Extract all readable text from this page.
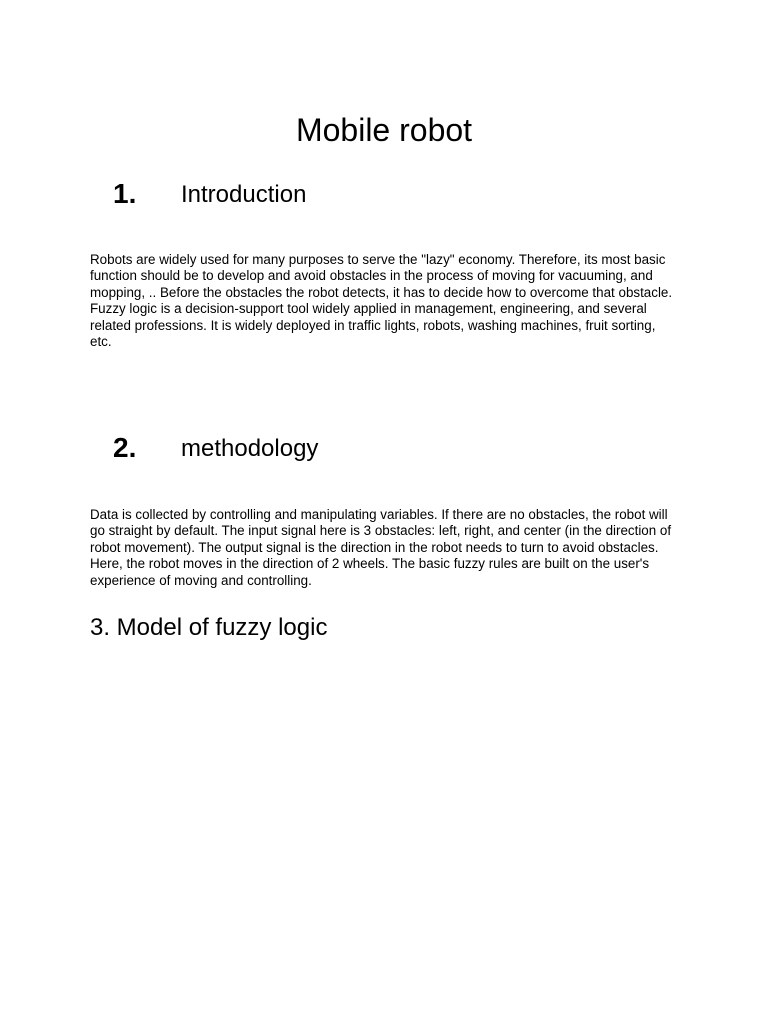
Mobile robot
1. Introduction

Robots are widely used for many purposes to serve the "lazy" economy. Therefore, its most basic function should be to develop and avoid obstacles in the process of moving for vacuuming, and mopping, .. Before the obstacles the robot detects, it has to decide how to overcome that obstacle. Fuzzy logic is a decision-support tool widely applied in management, engineering, and several related professions. It is widely deployed in traffic lights, robots, washing machines, fruit sorting, etc.

2. methodology

Data is collected by controlling and manipulating variables. If there are no obstacles, the robot will go straight by default. The input signal here is 3 obstacles: left, right, and center (in the direction of robot movement). The output signal is the direction in the robot needs to turn to avoid obstacles. Here, the robot moves in the direction of 2 wheels. The basic fuzzy rules are built on the user's experience of moving and controlling.

3. Model of fuzzy logic
